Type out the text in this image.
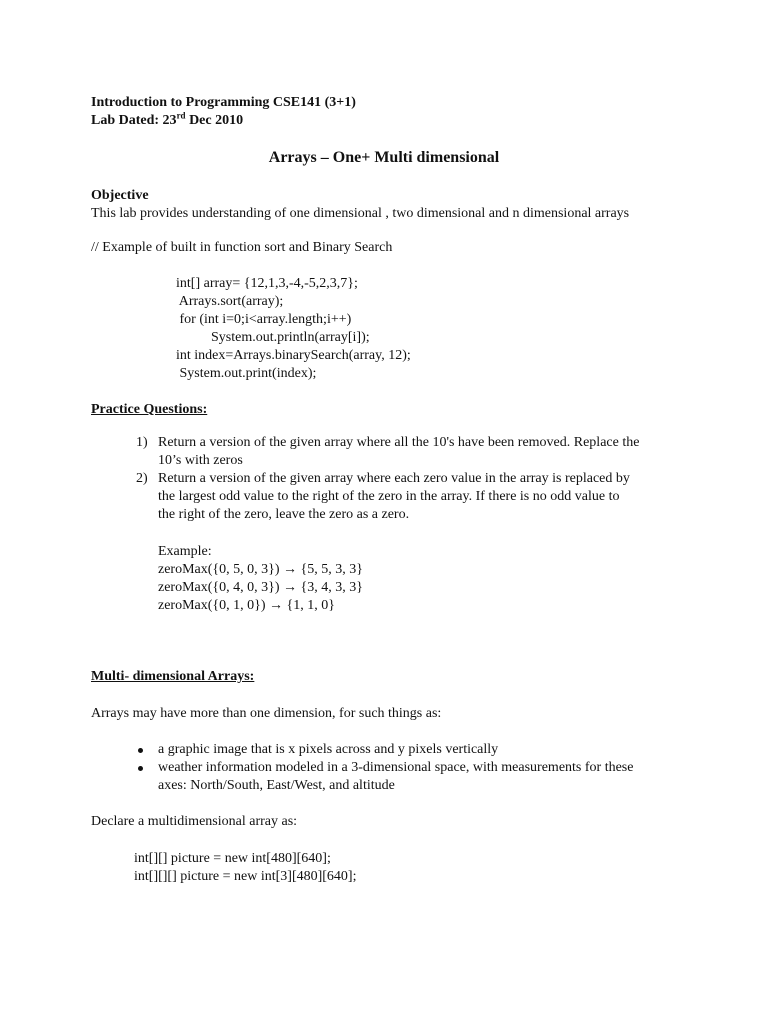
Introduction to Programming CSE141 (3+1)
Lab Dated: 23rd Dec 2010
Arrays – One+ Multi dimensional
Objective
This lab provides understanding of one dimensional , two dimensional and n dimensional arrays
// Example of built in function sort and Binary Search
int[] array= {12,1,3,-4,-5,2,3,7};
Arrays.sort(array);
for (int i=0;i<array.length;i++)
System.out.println(array[i]);
int index=Arrays.binarySearch(array, 12);
System.out.print(index);
Practice Questions:
1) Return a version of the given array where all the 10's have been removed. Replace the
10’s with zeros
2) Return a version of the given array where each zero value in the array is replaced by
the largest odd value to the right of the zero in the array. If there is no odd value to
the right of the zero, leave the zero as a zero.
Example:
zeroMax({0, 5, 0, 3}) → {5, 5, 3, 3}
zeroMax({0, 4, 0, 3}) → {3, 4, 3, 3}
zeroMax({0, 1, 0}) → {1, 1, 0}
Multi- dimensional Arrays:
Arrays may have more than one dimension, for such things as:
a graphic image that is x pixels across and y pixels vertically
weather information modeled in a 3-dimensional space, with measurements for these
axes: North/South, East/West, and altitude
Declare a multidimensional array as:
int[][] picture = new int[480][640];
int[][][] picture = new int[3][480][640];
